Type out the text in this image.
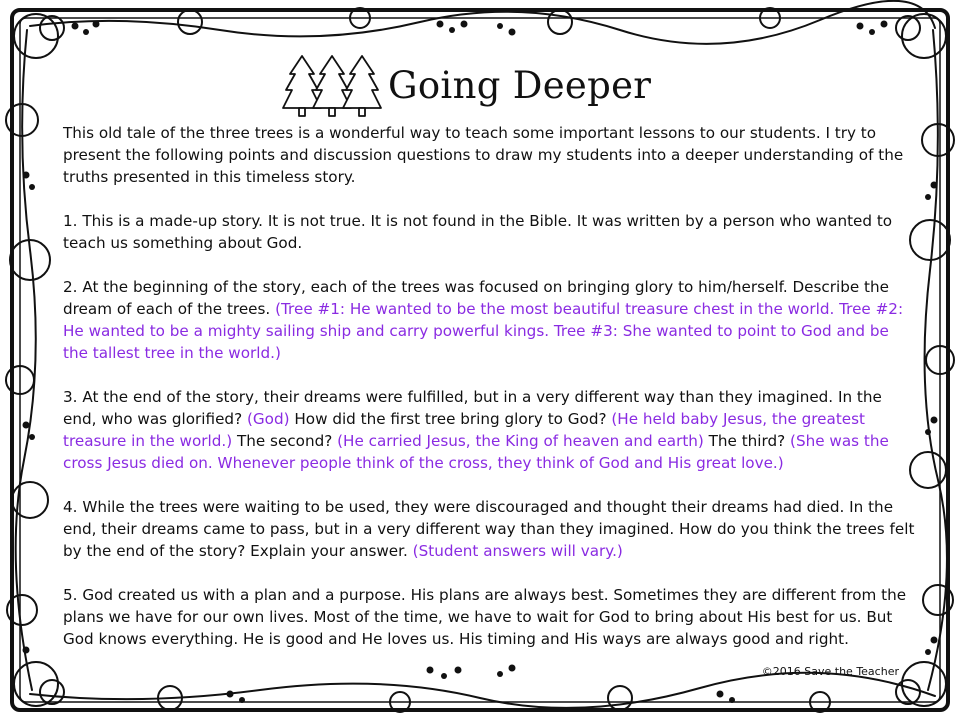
Going Deeper

This old tale of the three trees is a wonderful way to teach some important lessons to our students. I try to present the following points and discussion questions to draw my students into a deeper understanding of the truths presented in this timeless story.

1. This is a made-up story. It is not true. It is not found in the Bible. It was written by a person who wanted to teach us something about God.

2. At the beginning of the story, each of the trees was focused on bringing glory to him/herself. Describe the dream of each of the trees. (Tree #1: He wanted to be the most beautiful treasure chest in the world. Tree #2: He wanted to be a mighty sailing ship and carry powerful kings. Tree #3: She wanted to point to God and be the tallest tree in the world.)

3. At the end of the story, their dreams were fulfilled, but in a very different way than they imagined. In the end, who was glorified? (God) How did the first tree bring glory to God? (He held baby Jesus, the greatest treasure in the world.) The second? (He carried Jesus, the King of heaven and earth) The third? (She was the cross Jesus died on. Whenever people think of the cross, they think of God and His great love.)

4. While the trees were waiting to be used, they were discouraged and thought their dreams had died. In the end, their dreams came to pass, but in a very different way than they imagined. How do you think the trees felt by the end of the story? Explain your answer. (Student answers will vary.)

5. God created us with a plan and a purpose. His plans are always best. Sometimes they are different from the plans we have for our own lives. Most of the time, we have to wait for God to bring about His best for us. But God knows everything. He is good and He loves us. His timing and His ways are always good and right.

©2016 Save the Teacher
